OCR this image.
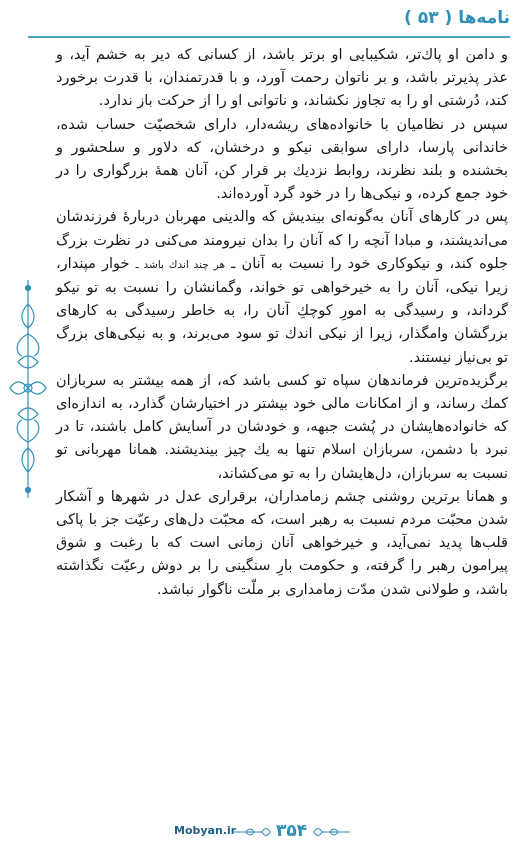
نامه‌ها ( ۵۳ )

و دامن او پاك‌تر، شكيبايی او برتر باشد، از كسانی كه دير به خشم آيد، و عذر پذيرتر باشد، و بر ناتوان رحمت آورد، و با قدرتمندان، با قدرت برخورد كند، دُرشتی او را به تجاوز نكشاند، و ناتوانی او را از حركت باز ندارد.

سپس در نظاميان با خانواده‌های ريشه‌دار، دارای شخصيّت حساب شده، خاندانی پارسا، دارای سوابقی نيكو و درخشان، كه دلاور و سلحشور و بخشنده و بلند نظرند، روابط نزديك بر قرار كن، آنان همهٔ بزرگواری را در خود جمع كرده، و نيكی‌ها را در خود گرد آورده‌اند.

پس در كارهای آنان به‌گونه‌ای بينديش كه والدينی مهربان دربارهٔ فرزندشان می‌انديشند، و مبادا آنچه را كه آنان را بدان نيرومند می‌كنی در نظرت بزرگ جلوه كند، و نيكوكاری خود را نسبت به آنان ـ هر چند اندك باشد ـ خوار مپندار، زيرا نيكی، آنان را به خيرخواهی تو خواند، وگمانشان را نسبت به تو نيكو گرداند، و رسيدگی به امورِ كوچكِ آنان را، به خاطر رسيدگی به كارهای بزرگشان وامگذار، زيرا از نيكی اندك تو سود می‌برند، و به نيكی‌های بزرگ تو بی‌نياز نيستند.

برگزيده‌ترين فرماندهان سپاه تو كسی باشد كه، از همه بيشتر به سربازان كمك رساند، و از امكانات مالی خود بيشتر در اختيارشان گذارد، به اندازه‌ای كه خانواده‌هايشان در پُشت جبهه، و خودشان در آسايش كامل باشند، تا در نبرد با دشمن، سربازان اسلام تنها به يك چيز بينديشند. همانا مهربانی تو نسبت به سربازان، دل‌هايشان را به تو می‌كشاند،

و همانا برترين روشنی چشم زمامداران، برقراری عدل در شهرها و آشكار شدن محبّت مردم نسبت به رهبر است، كه محبّت دل‌های رعيّت جز با پاكی قلب‌ها پديد نمی‌آيد، و خيرخواهی آنان زمانی است كه با رغبت و شوق پيرامون رهبر را گرفته، و حكومت بارِ سنگينی را بر دوش رعيّت نگذاشته باشد، و طولانی شدن مدّت زمامداری بر ملّت ناگوار نباشد.

Mobyan.ir ۳۵۴
